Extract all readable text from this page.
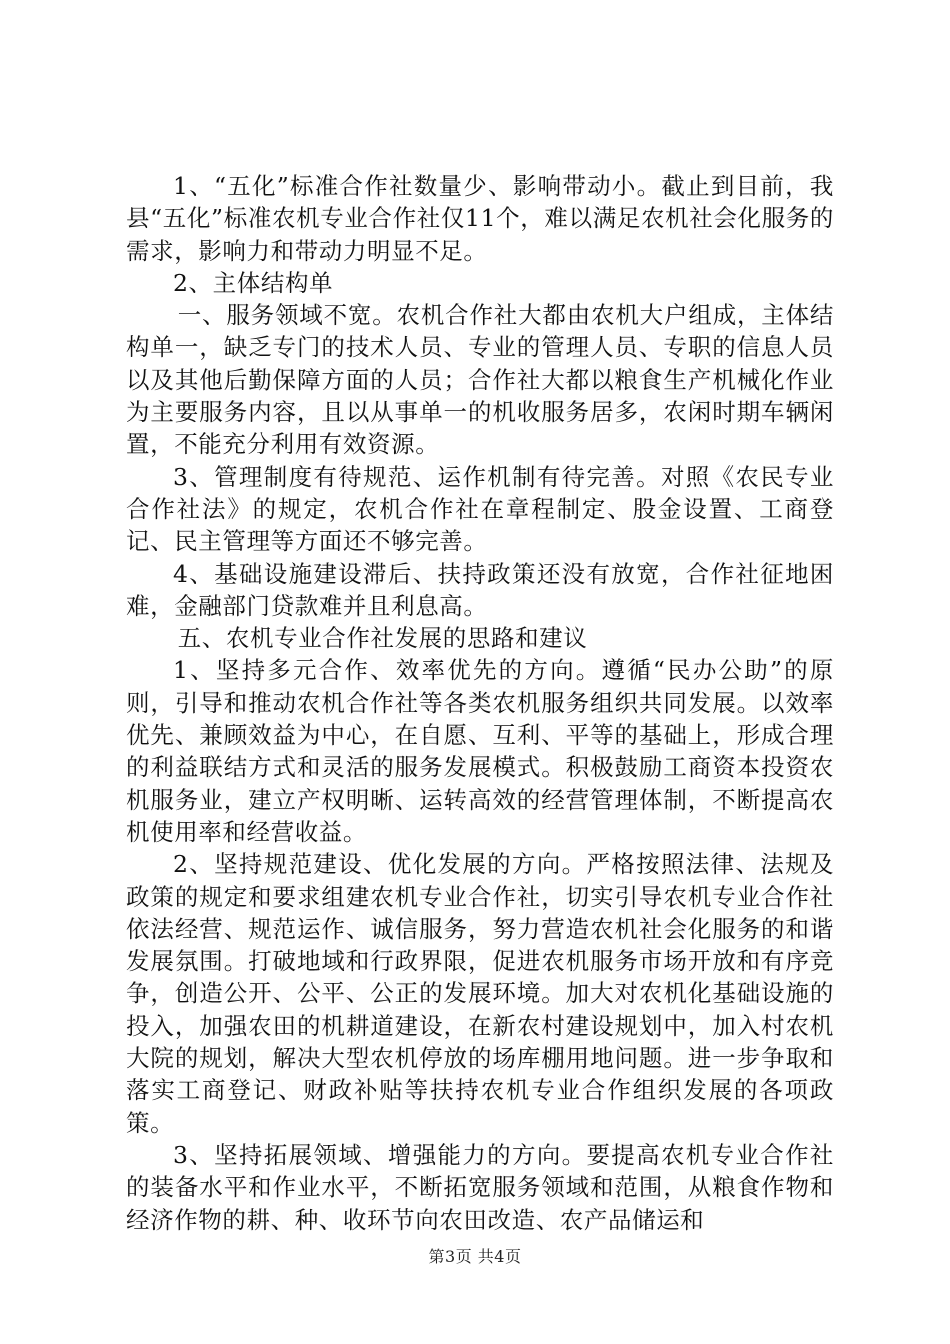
1、“五化”标准合作社数量少、影响带动小。截止到目前，我县“五化”标准农机专业合作社仅11个，难以满足农机社会化服务的需求，影响力和带动力明显不足。

2、主体结构单

一、服务领域不宽。农机合作社大都由农机大户组成，主体结构单一，缺乏专门的技术人员、专业的管理人员、专职的信息人员以及其他后勤保障方面的人员；合作社大都以粮食生产机械化作业为主要服务内容，且以从事单一的机收服务居多，农闲时期车辆闲置，不能充分利用有效资源。

3、管理制度有待规范、运作机制有待完善。对照《农民专业合作社法》的规定，农机合作社在章程制定、股金设置、工商登记、民主管理等方面还不够完善。

4、基础设施建设滞后、扶持政策还没有放宽，合作社征地困难，金融部门贷款难并且利息高。

五、农机专业合作社发展的思路和建议

1、坚持多元合作、效率优先的方向。遵循“民办公助”的原则，引导和推动农机合作社等各类农机服务组织共同发展。以效率优先、兼顾效益为中心，在自愿、互利、平等的基础上，形成合理的利益联结方式和灵活的服务发展模式。积极鼓励工商资本投资农机服务业，建立产权明晰、运转高效的经营管理体制，不断提高农机使用率和经营收益。

2、坚持规范建设、优化发展的方向。严格按照法律、法规及政策的规定和要求组建农机专业合作社，切实引导农机专业合作社依法经营、规范运作、诚信服务，努力营造农机社会化服务的和谐发展氛围。打破地域和行政界限，促进农机服务市场开放和有序竞争，创造公开、公平、公正的发展环境。加大对农机化基础设施的投入，加强农田的机耕道建设，在新农村建设规划中，加入村农机大院的规划，解决大型农机停放的场库棚用地问题。进一步争取和落实工商登记、财政补贴等扶持农机专业合作组织发展的各项政策。

3、坚持拓展领域、增强能力的方向。要提高农机专业合作社的装备水平和作业水平，不断拓宽服务领域和范围，从粮食作物和经济作物的耕、种、收环节向农田改造、农产品储运和

第3页 共4页
